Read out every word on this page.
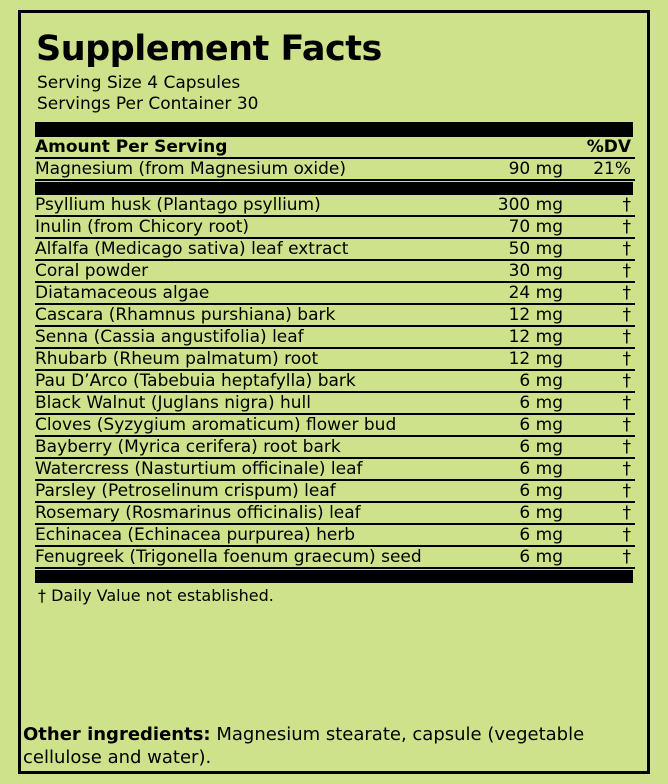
Supplement Facts
Serving Size 4 Capsules
Servings Per Container 30
Amount Per Serving		%DV

Magnesium (from Magnesium oxide)	90 mg	21%
Psyllium husk (Plantago psyllium)	300 mg	†
Inulin (from Chicory root)	70 mg	†
Alfalfa (Medicago sativa) leaf extract	50 mg	†
Coral powder	30 mg	†
Diatamaceous algae	24 mg	†
Cascara (Rhamnus purshiana) bark	12 mg	†
Senna (Cassia angustifolia) leaf	12 mg	†
Rhubarb (Rheum palmatum) root	12 mg	†
Pau D’Arco (Tabebuia heptafylla) bark	6 mg	†
Black Walnut (Juglans nigra) hull	6 mg	†
Cloves (Syzygium aromaticum) flower bud	6 mg	†
Bayberry (Myrica cerifera) root bark	6 mg	†
Watercress (Nasturtium officinale) leaf	6 mg	†
Parsley (Petroselinum crispum) leaf	6 mg	†
Rosemary (Rosmarinus officinalis) leaf	6 mg	†
Echinacea (Echinacea purpurea) herb	6 mg	†
Fenugreek (Trigonella foenum graecum) seed	6 mg	†
† Daily Value not established.
Other ingredients: Magnesium stearate, capsule (vegetable cellulose and water).
